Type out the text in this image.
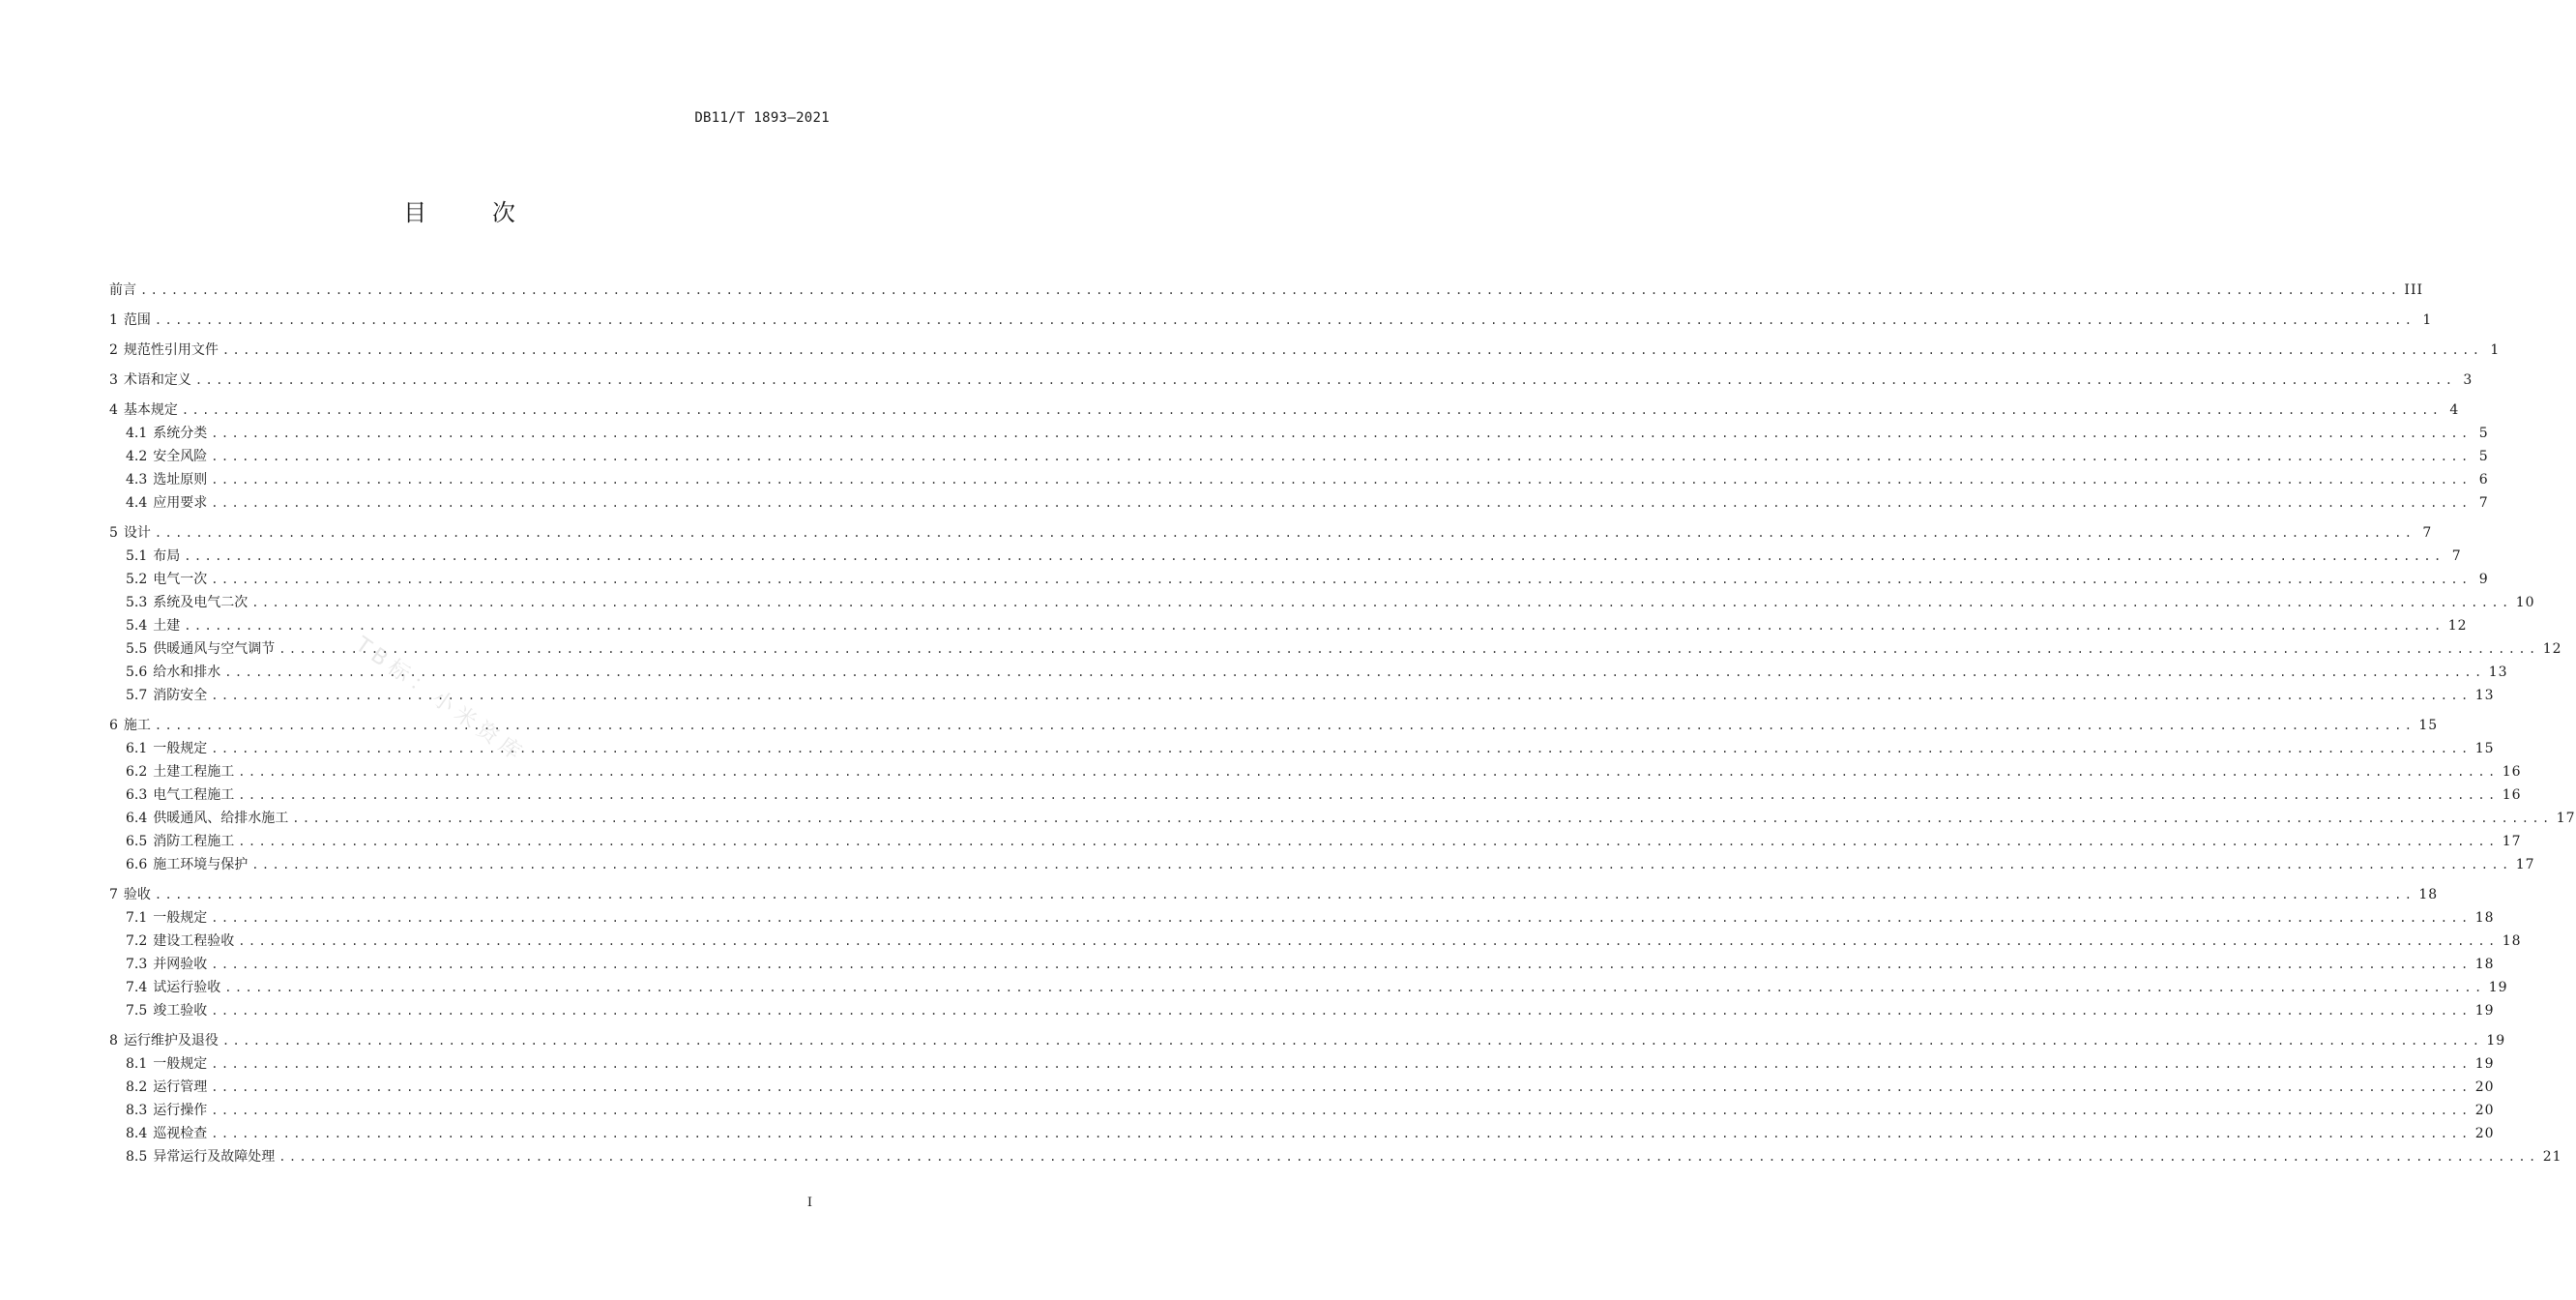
DB11/T 1893—2021
目	次
TB标：小米资库
前言 ............................................................................................................................................................................................................................ III
1 范围 ............................................................................................................................................................................................................................ 1
2 规范性引用文件 ............................................................................................................................................................................................................................ 1
3 术语和定义 ............................................................................................................................................................................................................................ 3
4 基本规定 ............................................................................................................................................................................................................................ 4
4.1 系统分类 ............................................................................................................................................................................................................................ 5
4.2 安全风险 ............................................................................................................................................................................................................................ 5
4.3 选址原则 ............................................................................................................................................................................................................................ 6
4.4 应用要求 ............................................................................................................................................................................................................................ 7
5 设计 ............................................................................................................................................................................................................................ 7
5.1 布局 ............................................................................................................................................................................................................................ 7
5.2 电气一次 ............................................................................................................................................................................................................................ 9
5.3 系统及电气二次 ............................................................................................................................................................................................................................ 10
5.4 土建 ............................................................................................................................................................................................................................ 12
5.5 供暖通风与空气调节 ............................................................................................................................................................................................................................ 12
5.6 给水和排水 ............................................................................................................................................................................................................................ 13
5.7 消防安全 ............................................................................................................................................................................................................................ 13
6 施工 ............................................................................................................................................................................................................................ 15
6.1 一般规定 ............................................................................................................................................................................................................................ 15
6.2 土建工程施工 ............................................................................................................................................................................................................................ 16
6.3 电气工程施工 ............................................................................................................................................................................................................................ 16
6.4 供暖通风、给排水施工 ............................................................................................................................................................................................................................ 17
6.5 消防工程施工 ............................................................................................................................................................................................................................ 17
6.6 施工环境与保护 ............................................................................................................................................................................................................................ 17
7 验收 ............................................................................................................................................................................................................................ 18
7.1 一般规定 ............................................................................................................................................................................................................................ 18
7.2 建设工程验收 ............................................................................................................................................................................................................................ 18
7.3 并网验收 ............................................................................................................................................................................................................................ 18
7.4 试运行验收 ............................................................................................................................................................................................................................ 19
7.5 竣工验收 ............................................................................................................................................................................................................................ 19
8 运行维护及退役 ............................................................................................................................................................................................................................ 19
8.1 一般规定 ............................................................................................................................................................................................................................ 19
8.2 运行管理 ............................................................................................................................................................................................................................ 20
8.3 运行操作 ............................................................................................................................................................................................................................ 20
8.4 巡视检查 ............................................................................................................................................................................................................................ 20
8.5 异常运行及故障处理 ............................................................................................................................................................................................................................ 21
I
